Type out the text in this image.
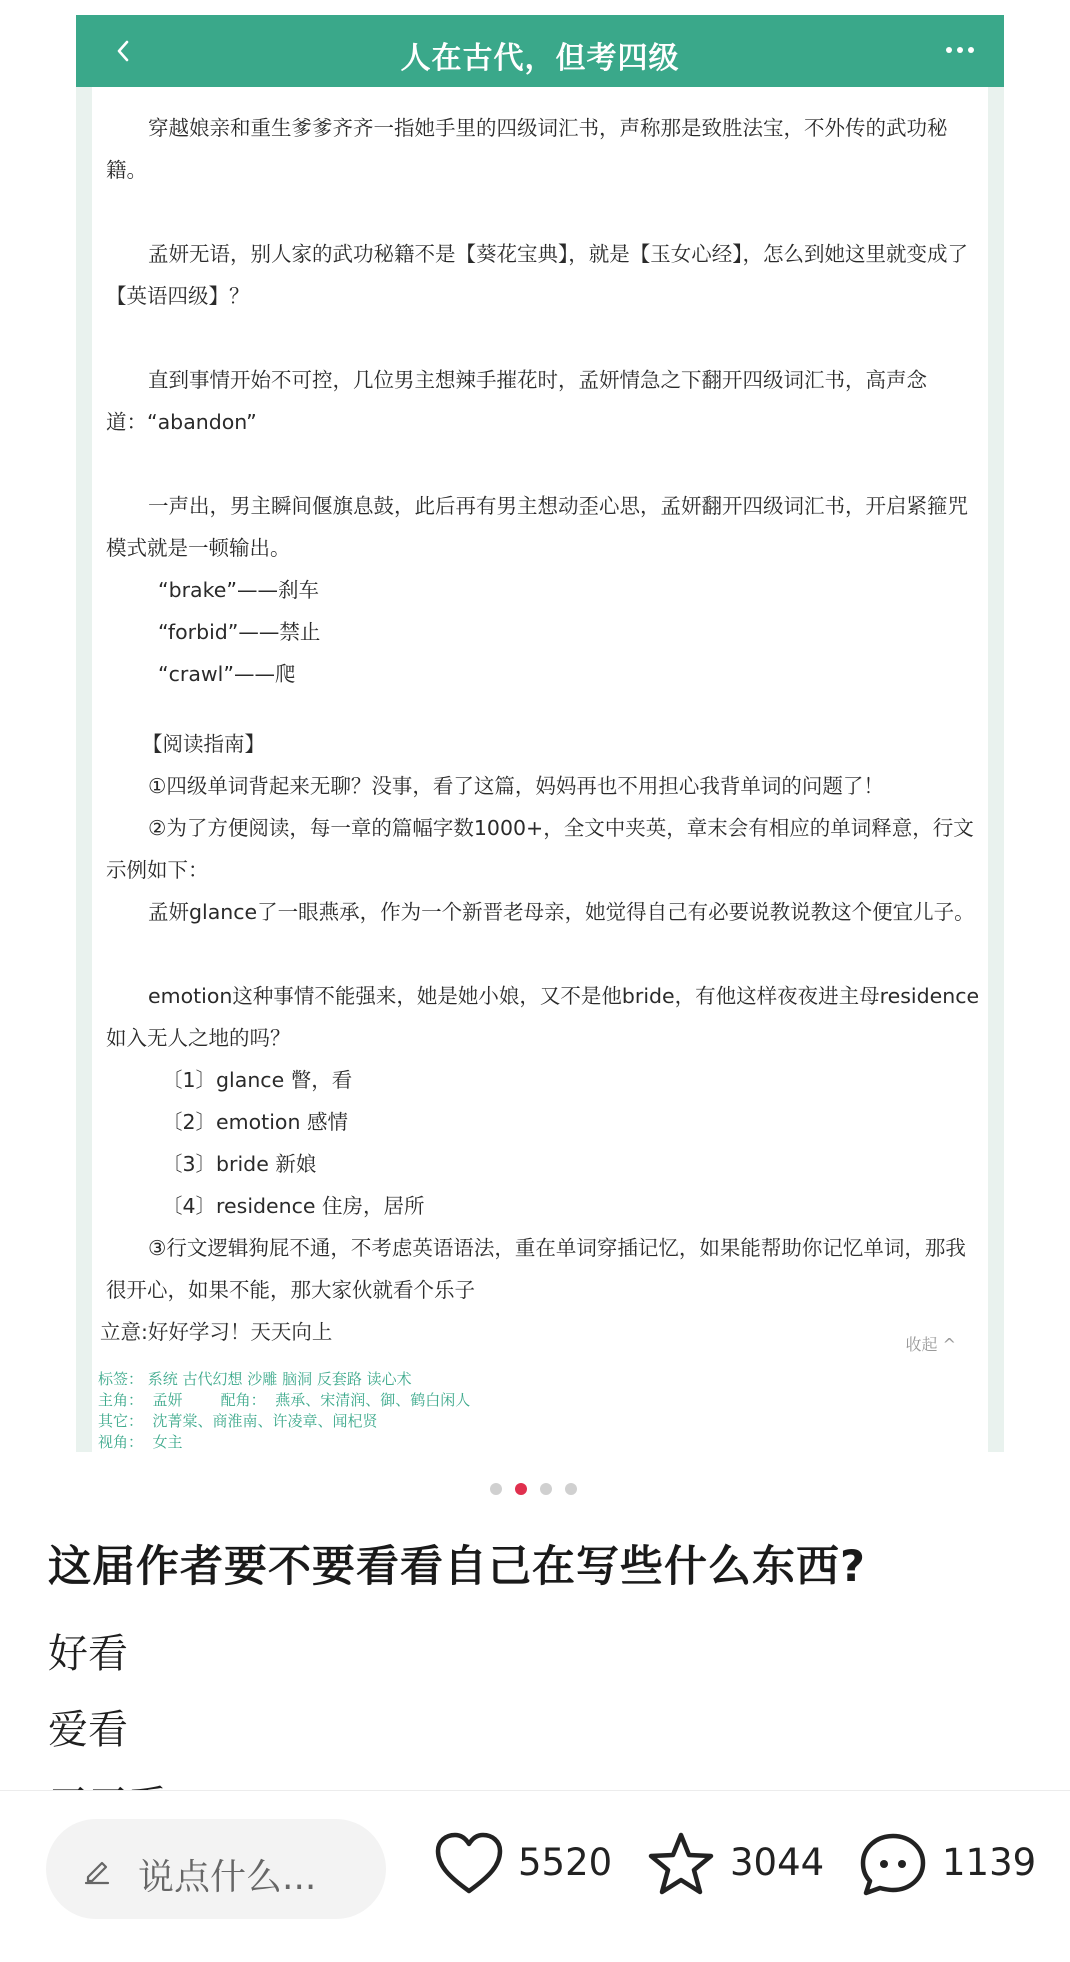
人在古代，但考四级
穿越娘亲和重生爹爹齐齐一指她手里的四级词汇书，声称那是致胜法宝，不外传的武功秘籍。
孟妍无语，别人家的武功秘籍不是【葵花宝典】，就是【玉女心经】，怎么到她这里就变成了【英语四级】？
直到事情开始不可控，几位男主想辣手摧花时，孟妍情急之下翻开四级词汇书，高声念道：“abandon”
一声出，男主瞬间偃旗息鼓，此后再有男主想动歪心思，孟妍翻开四级词汇书，开启紧箍咒模式就是一顿输出。
“brake”——刹车
“forbid”——禁止
“crawl”——爬
【阅读指南】
①四级单词背起来无聊？没事，看了这篇，妈妈再也不用担心我背单词的问题了！
②为了方便阅读，每一章的篇幅字数1000+，全文中夹英，章末会有相应的单词释意，行文示例如下：
孟妍glance了一眼燕承，作为一个新晋老母亲，她觉得自己有必要说教说教这个便宜儿子。
emotion这种事情不能强来，她是她小娘，又不是他bride，有他这样夜夜进主母residence如入无人之地的吗？
〔1〕glance 瞥，看
〔2〕emotion 感情
〔3〕bride 新娘
〔4〕residence 住房，居所
③行文逻辑狗屁不通，不考虑英语语法，重在单词穿插记忆，如果能帮助你记忆单词，那我很开心，如果不能，那大家伙就看个乐子
立意:好好学习！天天向上
收起 ^
标签： 系统 古代幻想 沙雕 脑洞 反套路 读心术
主角：  孟妍        配角：  燕承、宋清润、御、鹤白闲人
其它：  沈菁棠、商淮南、许凌章、闻杞贤
视角：  女主
这届作者要不要看看自己在写些什么东西?
好看
爱看
说点什么...	5520	3044	1139
